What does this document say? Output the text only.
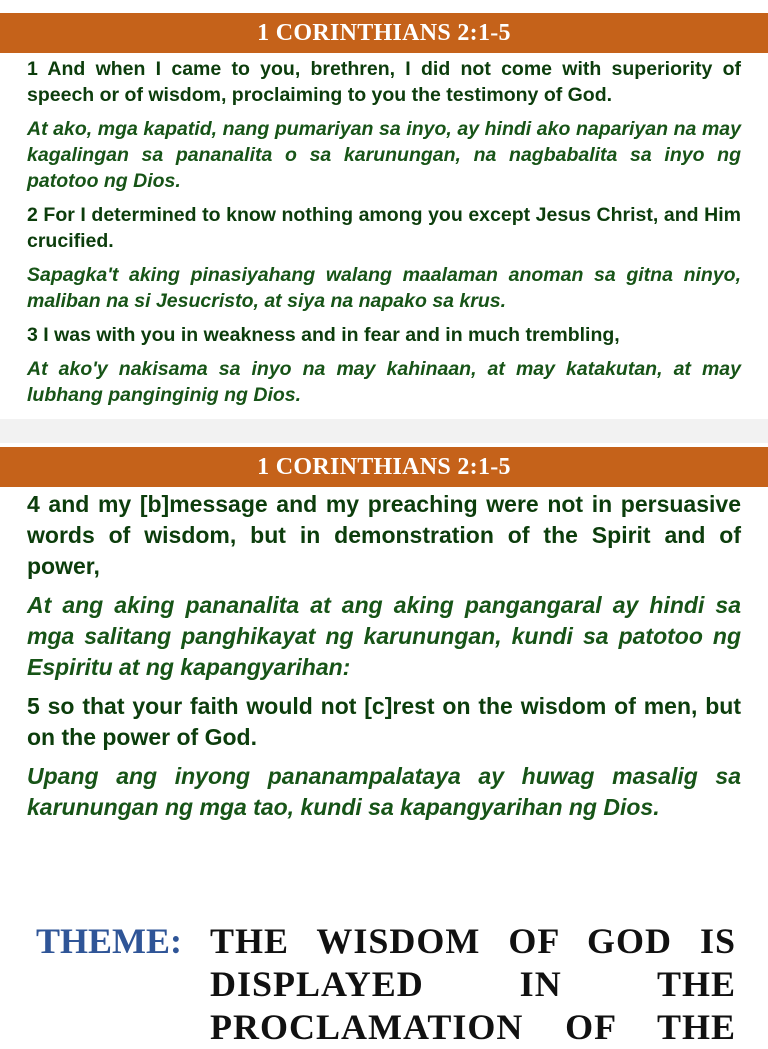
1 CORINTHIANS 2:1-5

1 And when I came to you, brethren, I did not come with superiority of speech or of wisdom, proclaiming to you the testimony of God.

At ako, mga kapatid, nang pumariyan sa inyo, ay hindi ako napariyan na may kagalingan sa pananalita o sa karunungan, na nagbabalita sa inyo ng patotoo ng Dios.

2 For I determined to know nothing among you except Jesus Christ, and Him crucified.

Sapagka't aking pinasiyahang walang maalaman anoman sa gitna ninyo, maliban na si Jesucristo, at siya na napako sa krus.

3 I was with you in weakness and in fear and in much trembling,

At ako'y nakisama sa inyo na may kahinaan, at may katakutan, at may lubhang panginginig ng Dios.

1 CORINTHIANS 2:1-5

4 and my [b]message and my preaching were not in persuasive words of wisdom, but in demonstration of the Spirit and of power,

At ang aking pananalita at ang aking pangangaral ay hindi sa mga salitang panghikayat ng karunungan, kundi sa patotoo ng Espiritu at ng kapangyarihan:

5 so that your faith would not [c]rest on the wisdom of men, but on the power of God.

Upang ang inyong pananampalataya ay huwag masalig sa karunungan ng mga tao, kundi sa kapangyarihan ng Dios.

THEME: THE WISDOM OF GOD IS DISPLAYED IN THE PROCLAMATION OF THE
